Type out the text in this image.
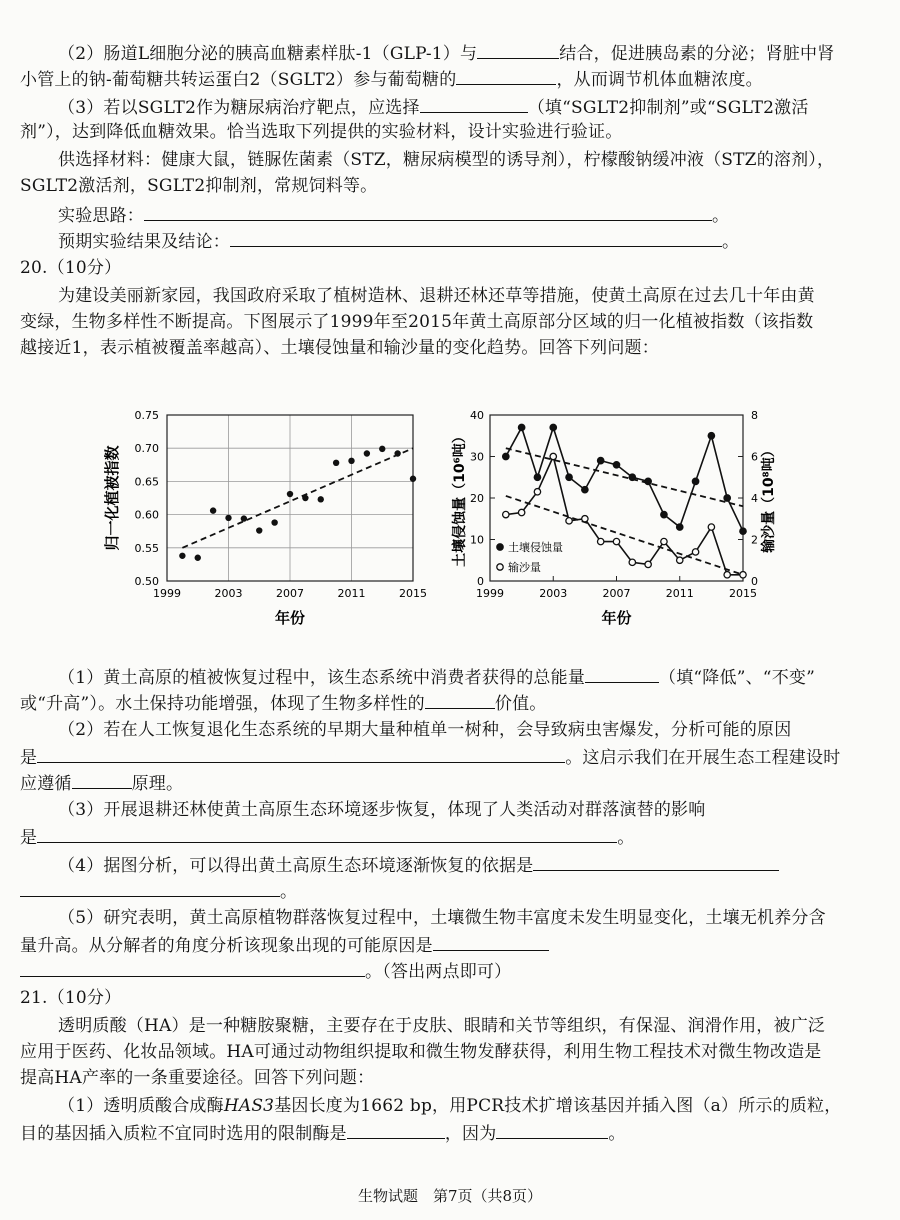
（2）肠道L细胞分泌的胰高血糖素样肽-1（GLP-1）与	结合，促进胰岛素的分泌；肾脏中肾
小管上的钠-葡萄糖共转运蛋白2（SGLT2）参与葡萄糖的	，从而调节机体血糖浓度。
（3）若以SGLT2作为糖尿病治疗靶点，应选择	（填“SGLT2抑制剂”或“SGLT2激活
剂”），达到降低血糖效果。恰当选取下列提供的实验材料，设计实验进行验证。
供选择材料：健康大鼠，链脲佐菌素（STZ，糖尿病模型的诱导剂），柠檬酸钠缓冲液（STZ的溶剂），
SGLT2激活剂，SGLT2抑制剂，常规饲料等。
实验思路：	。
预期实验结果及结论：	。
20.（10分）
为建设美丽新家园，我国政府采取了植树造林、退耕还林还草等措施，使黄土高原在过去几十年由黄
变绿，生物多样性不断提高。下图展示了1999年至2015年黄土高原部分区域的归一化植被指数（该指数
越接近1，表示植被覆盖率越高）、土壤侵蚀量和输沙量的变化趋势。回答下列问题：
0.50
0.55
0.60
0.65
0.70
0.75
1999	2003	2007	2011	2015
年份
归一化植被指数
0
10
20
30
40
0
2
4
6
8
1999	2003	2007	2011	2015
年份
土壤侵蚀量（10⁶吨）	输沙量（10⁸吨）
土壤侵蚀量
输沙量
（1）黄土高原的植被恢复过程中，该生态系统中消费者获得的总能量	（填“降低”、“不变”
或“升高”）。水土保持功能增强，体现了生物多样性的	价值。
（2）若在人工恢复退化生态系统的早期大量种植单一树种，会导致病虫害爆发，分析可能的原因
是	。这启示我们在开展生态工程建设时
应遵循	原理。
（3）开展退耕还林使黄土高原生态环境逐步恢复，体现了人类活动对群落演替的影响
是	。
（4）据图分析，可以得出黄土高原生态环境逐渐恢复的依据是
。
（5）研究表明，黄土高原植物群落恢复过程中，土壤微生物丰富度未发生明显变化，土壤无机养分含
量升高。从分解者的角度分析该现象出现的可能原因是
。（答出两点即可）
21.（10分）
透明质酸（HA）是一种糖胺聚糖，主要存在于皮肤、眼睛和关节等组织，有保湿、润滑作用，被广泛
应用于医药、化妆品领域。HA可通过动物组织提取和微生物发酵获得，利用生物工程技术对微生物改造是
提高HA产率的一条重要途径。回答下列问题：
（1）透明质酸合成酶HAS3基因长度为1662 bp，用PCR技术扩增该基因并插入图（a）所示的质粒，
目的基因插入质粒不宜同时选用的限制酶是	，因为	。
生物试题　第7页（共8页）
